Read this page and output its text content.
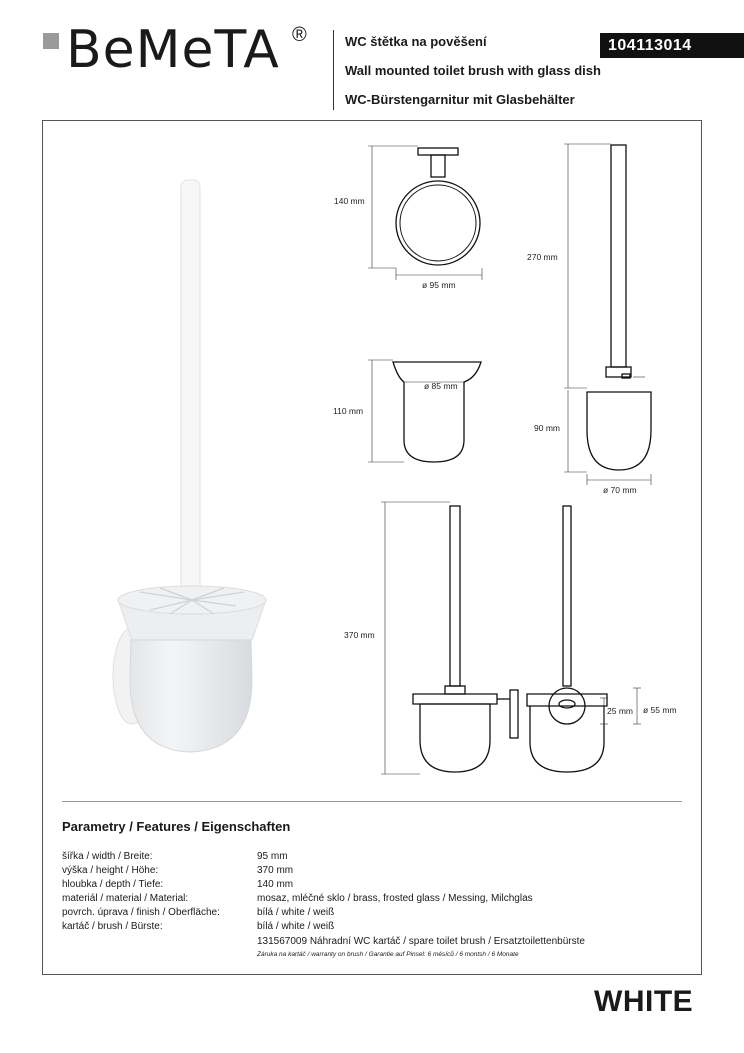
BeMeTA ®	WC štětka na pověšení
Wall mounted toilet brush with glass dish
WC-Bürstengarnitur mit Glasbehälter
104113014
140 mm
ø 95 mm
270 mm
110 mm
ø 85 mm
90 mm
ø 70 mm
370 mm
25 mm ø 55 mm
Parametry / Features / Eigenschaften
šířka / width / Breite:	95 mm
výška / height / Höhe:	370 mm
hloubka / depth / Tiefe:	140 mm
materiál / material / Material:	mosaz, mléčné sklo / brass, frosted glass / Messing, Milchglas
povrch. úprava / finish / Oberfläche:	bílá / white / weiß
kartáč / brush / Bürste:	bílá / white / weiß
131567009 Náhradní WC kartáč / spare toilet brush / Ersatztoilettenbürste
Záruka na kartáč / warranty on brush / Garantie auf Pinsel: 6 měsíců / 6 montsh / 6 Monate
WHITE
